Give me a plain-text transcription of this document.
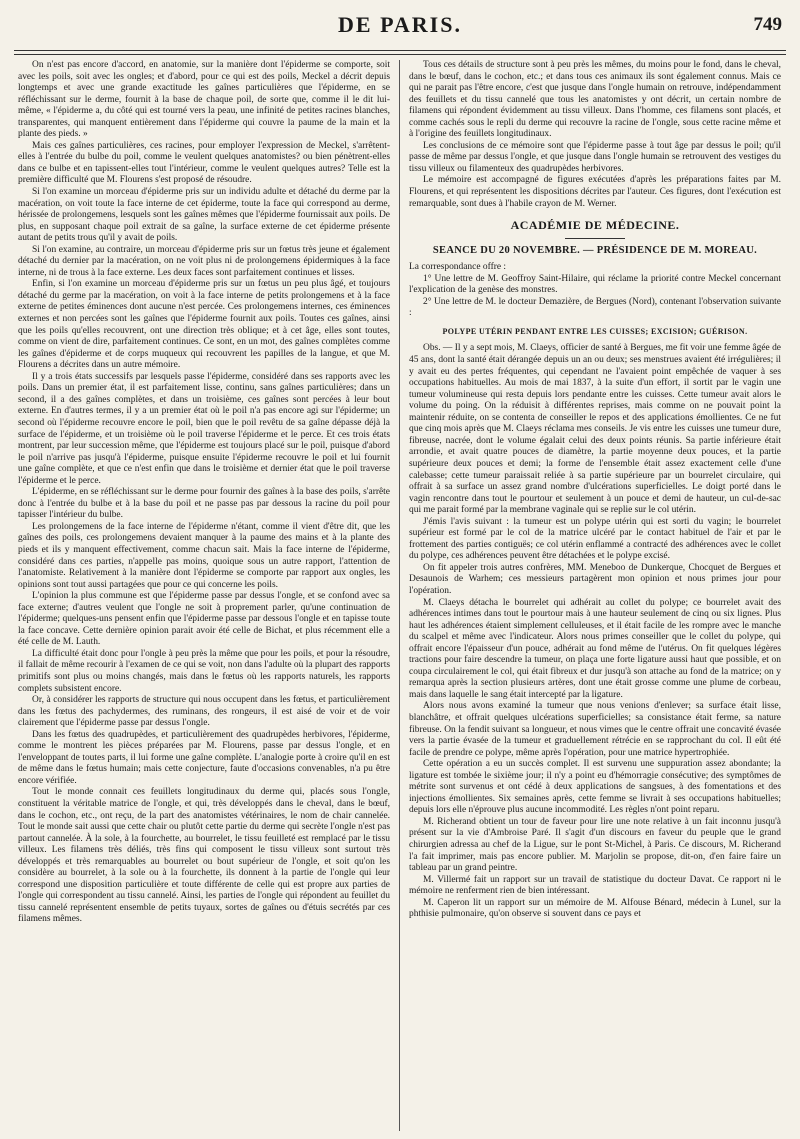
DE PARIS.	749

On n'est pas encore d'accord, en anatomie, sur la manière dont l'épiderme se comporte, soit avec les poils, soit avec les ongles; et d'abord, pour ce qui est des poils, Meckel a décrit depuis longtemps et avec une grande exactitude les gaînes particulières que l'épiderme, en se réfléchissant sur le derme, fournit à la base de chaque poil, de sorte que, comme il le dit lui-même, « l'épiderme a, du côté qui est tourné vers la peau, une infinité de petites racines blanches, transparentes, qui manquent entièrement dans l'épiderme qui couvre la paume de la main et la plante des pieds. »

Mais ces gaînes particulières, ces racines, pour employer l'expression de Meckel, s'arrêtent-elles à l'entrée du bulbe du poil, comme le veulent quelques anatomistes? ou bien pénètrent-elles dans ce bulbe et en tapissent-elles tout l'intérieur, comme le veulent quelques autres? Telle est la première difficulté que M. Flourens s'est proposé de résoudre.

Si l'on examine un morceau d'épiderme pris sur un individu adulte et détaché du derme par la macération, on voit toute la face interne de cet épiderme, toute la face qui correspond au derme, hérissée de prolongemens, lesquels sont les gaînes mêmes que l'épiderme fournissait aux poils. De plus, en supposant chaque poil extrait de sa gaîne, la surface externe de cet épiderme présente autant de petits trous qu'il y avait de poils.

Si l'on examine, au contraire, un morceau d'épiderme pris sur un fœtus très jeune et également détaché du dernier par la macération, on ne voit plus ni de prolongemens épidermiques à la face interne, ni de trous à la face externe. Les deux faces sont parfaitement continues et lisses.

Enfin, si l'on examine un morceau d'épiderme pris sur un fœtus un peu plus âgé, et toujours détaché du germe par la macération, on voit à la face interne de petits prolongemens et à la face externe de petites éminences dont aucune n'est percée. Ces prolongemens internes, ces éminences externes et non percées sont les gaînes que l'épiderme fournit aux poils. Toutes ces gaînes, ainsi que les poils qu'elles recouvrent, ont une direction très oblique; et à cet âge, elles sont toutes, comme on vient de dire, parfaitement continues. Ce sont, en un mot, des gaînes complètes comme les gaînes d'épiderme et de corps muqueux qui recouvrent les papilles de la langue, et que M. Flourens a décrites dans un autre mémoire.

Il y a trois états successifs par lesquels passe l'épiderme, considéré dans ses rapports avec les poils. Dans un premier état, il est parfaitement lisse, continu, sans gaînes particulières; dans un second, il a des gaînes complètes, et dans un troisième, ces gaînes sont percées à leur bout externe. En d'autres termes, il y a un premier état où le poil n'a pas encore agi sur l'épiderme; un second où l'épiderme recouvre encore le poil, bien que le poil revêtu de sa gaîne dépasse déjà la surface de l'épiderme, et un troisième où le poil traverse l'épiderme et le perce. Et ces trois états montrent, par leur succession même, que l'épiderme est toujours placé sur le poil, puisque d'abord le poil n'arrive pas jusqu'à l'épiderme, puisque ensuite l'épiderme recouvre le poil et lui fournit une gaîne complète, et que ce n'est enfin que dans le troisième et dernier état que le poil traverse l'épiderme et le perce.

L'épiderme, en se réfléchissant sur le derme pour fournir des gaînes à la base des poils, s'arrête donc à l'entrée du bulbe et à la base du poil et ne passe pas par dessous la racine du poil pour tapisser l'intérieur du bulbe.

Les prolongemens de la face interne de l'épiderme n'étant, comme il vient d'être dit, que les gaînes des poils, ces prolongemens devaient manquer à la paume des mains et à la plante des pieds et ils y manquent effectivement, comme chacun sait. Mais la face interne de l'épiderme, considéré dans ces parties, n'appelle pas moins, quoique sous un autre rapport, l'attention de l'anatomiste. Relativement à la manière dont l'épiderme se comporte par rapport aux ongles, les opinions sont tout aussi partagées que pour ce qui concerne les poils.

L'opinion la plus commune est que l'épiderme passe par dessus l'ongle, et se confond avec sa face externe; d'autres veulent que l'ongle ne soit à proprement parler, qu'une continuation de l'épiderme; quelques-uns pensent enfin que l'épiderme passe par dessous l'ongle et en tapisse toute la face concave. Cette dernière opinion parait avoir été celle de Bichat, et plus récemment elle a été celle de M. Lauth.

La difficulté était donc pour l'ongle à peu près la même que pour les poils, et pour la résoudre, il fallait de même recourir à l'examen de ce qui se voit, non dans l'adulte où la plupart des rapports primitifs sont plus ou moins changés, mais dans le fœtus où les rapports naturels, les rapports complets subsistent encore.

Or, à considérer les rapports de structure qui nous occupent dans les fœtus, et particulièrement dans les fœtus des pachydermes, des ruminans, des rongeurs, il est aisé de voir et de voir clairement que l'épiderme passe par dessus l'ongle.

Dans les fœtus des quadrupèdes, et particulièrement des quadrupèdes herbivores, l'épiderme, comme le montrent les pièces préparées par M. Flourens, passe par dessus l'ongle, et en l'enveloppant de toutes parts, il lui forme une gaîne complète. L'analogie porte à croire qu'il en est de même dans le fœtus humain; mais cette conjecture, faute d'occasions convenables, n'a pu être encore vérifiée.

Tout le monde connait ces feuillets longitudinaux du derme qui, placés sous l'ongle, constituent la véritable matrice de l'ongle, et qui, très développés dans le cheval, dans le bœuf, dans le cochon, etc., ont reçu, de la part des anatomistes vétérinaires, le nom de chair cannelée. Tout le monde sait aussi que cette chair ou plutôt cette partie du derme qui secrète l'ongle n'est pas partout cannelée. À la sole, à la fourchette, au bourrelet, le tissu feuilleté est remplacé par le tissu villeux. Les filamens très déliés, très fins qui composent le tissu villeux sont surtout très développés et très remarquables au bourrelet ou bout supérieur de l'ongle, et soit qu'on les considère au bourrelet, à la sole ou à la fourchette, ils donnent à la partie de l'ongle qui leur correspond une disposition particulière et toute différente de celle qui est propre aux parties de l'ongle qui correspondent au tissu cannelé. Ainsi, les parties de l'ongle qui répondent au feuillet du tissu cannelé représentent ensemble de petits tuyaux, sortes de gaînes ou d'étuis secrétés par ces filamens mêmes.

Tous ces détails de structure sont à peu près les mêmes, du moins pour le fond, dans le cheval, dans le bœuf, dans le cochon, etc.; et dans tous ces animaux ils sont également connus. Mais ce qui ne parait pas l'être encore, c'est que jusque dans l'ongle humain on retrouve, indépendamment des feuillets et du tissu cannelé que tous les anatomistes y ont décrit, un certain nombre de filamens qui répondent évidemment au tissu villeux. Dans l'homme, ces filamens sont placés, et comme cachés sous le repli du derme qui recouvre la racine de l'ongle, sous cette racine même et à l'origine des feuillets longitudinaux.

Les conclusions de ce mémoire sont que l'épiderme passe à tout âge par dessus le poil; qu'il passe de même par dessus l'ongle, et que jusque dans l'ongle humain se retrouvent des vestiges du tissu villeux ou filamenteux des quadrupèdes herbivores.

Le mémoire est accompagné de figures exécutées d'après les préparations faites par M. Flourens, et qui représentent les dispositions décrites par l'auteur. Ces figures, dont l'exécution est remarquable, sont dues à l'habile crayon de M. Werner.

ACADÉMIE DE MÉDECINE.
SEANCE DU 20 NOVEMBRE. — PRÉSIDENCE DE M. MOREAU.

La correspondance offre :

1° Une lettre de M. Geoffroy Saint-Hilaire, qui réclame la priorité contre Meckel concernant l'explication de la genèse des monstres.

2° Une lettre de M. le docteur Demazière, de Bergues (Nord), contenant l'observation suivante :

POLYPE UTÉRIN PENDANT ENTRE LES CUISSES; EXCISION; GUÉRISON.

Obs. — Il y a sept mois, M. Claeys, officier de santé à Bergues, me fit voir une femme âgée de 45 ans, dont la santé était dérangée depuis un an ou deux; ses menstrues avaient été irrégulières; il y avait eu des pertes fréquentes, qui cependant ne l'avaient point empêchée de vaquer à ses occupations habituelles. Au mois de mai 1837, à la suite d'un effort, il sortit par le vagin une tumeur volumineuse qui resta depuis lors pendante entre les cuisses. Cette tumeur avait alors le volume du poing. On la réduisit à différentes reprises, mais comme on ne pouvait point la maintenir réduite, on se contenta de conseiller le repos et des applications émollientes. Ce ne fut que cinq mois après que M. Claeys réclama mes conseils. Je vis entre les cuisses une tumeur dure, fibreuse, nacrée, dont le volume égalait celui des deux points réunis. Sa partie inférieure était arrondie, et avait quatre pouces de diamètre, la partie moyenne deux pouces, et la partie supérieure deux pouces et demi; la forme de l'ensemble était assez exactement celle d'une calebasse; cette tumeur paraissait reliée à sa partie supérieure par un bourrelet circulaire, qui offrait à sa surface un assez grand nombre d'ulcérations superficielles. Le doigt porté dans le vagin rencontre dans tout le pourtour et seulement à un pouce et demi de hauteur, un cul-de-sac qui me parait formé par la membrane vaginale qui se replie sur le col utérin.

J'émis l'avis suivant : la tumeur est un polype utérin qui est sorti du vagin; le bourrelet supérieur est formé par le col de la matrice ulcéré par le contact habituel de l'air et par le frottement des parties contiguës; ce col utérin enflammé a contracté des adhérences avec le collet du polype, ces adhérences peuvent être détachées et le polype excisé.

On fit appeler trois autres confrères, MM. Meneboo de Dunkerque, Chocquet de Bergues et Desaunois de Warhem; ces messieurs partagèrent mon opinion et nous primes jour pour l'opération.

M. Claeys détacha le bourrelet qui adhérait au collet du polype; ce bourrelet avait des adhérences intimes dans tout le pourtour mais à une hauteur seulement de cinq ou six lignes. Plus haut les adhérences étaient simplement celluleuses, et il était facile de les rompre avec le manche du scalpel et même avec l'indicateur. Alors nous primes conseiller que le collet du polype, qui offrait encore l'épaisseur d'un pouce, adhérait au fond même de l'utérus. On fit quelques légères tractions pour faire descendre la tumeur, on plaça une forte ligature aussi haut que possible, et on coupa circulairement le col, qui était fibreux et dur jusqu'à son attache au fond de la matrice; on y remarqua après la section plusieurs artères, dont une était grosse comme une plume de corbeau, mais dans laquelle le sang était intercepté par la ligature.

Alors nous avons examiné la tumeur que nous venions d'enlever; sa surface était lisse, blanchâtre, et offrait quelques ulcérations superficielles; sa consistance était ferme, sa nature fibreuse. On la fendit suivant sa longueur, et nous vimes que le centre offrait une concavité évasée vers la partie évasée de la tumeur et graduellement rétrécie en se rapprochant du col. Il eût été facile de prendre ce polype, même après l'opération, pour une matrice hypertrophiée.

Cette opération a eu un succès complet. Il est survenu une suppuration assez abondante; la ligature est tombée le sixième jour; il n'y a point eu d'hémorragie consécutive; des symptômes de métrite sont survenus et ont cédé à deux applications de sangsues, à des fomentations et des injections émollientes. Six semaines après, cette femme se livrait à ses occupations habituelles; depuis lors elle n'éprouve plus aucune incommodité. Les règles n'ont point reparu.

M. Richerand obtient un tour de faveur pour lire une note relative à un fait inconnu jusqu'à présent sur la vie d'Ambroise Paré. Il s'agit d'un discours en faveur du peuple que le grand chirurgien adressa au chef de la Ligue, sur le pont St-Michel, à Paris. Ce discours, M. Richerand l'a fait imprimer, mais pas encore publier. M. Marjolin se propose, dit-on, d'en faire faire un tableau par un grand peintre.

M. Villermé fait un rapport sur un travail de statistique du docteur Davat. Ce rapport ni le mémoire ne renferment rien de bien intéressant.

M. Caperon lit un rapport sur un mémoire de M. Alfouse Bénard, médecin à Lunel, sur la phthisie pulmonaire, qu'on observe si souvent dans ce pays et
